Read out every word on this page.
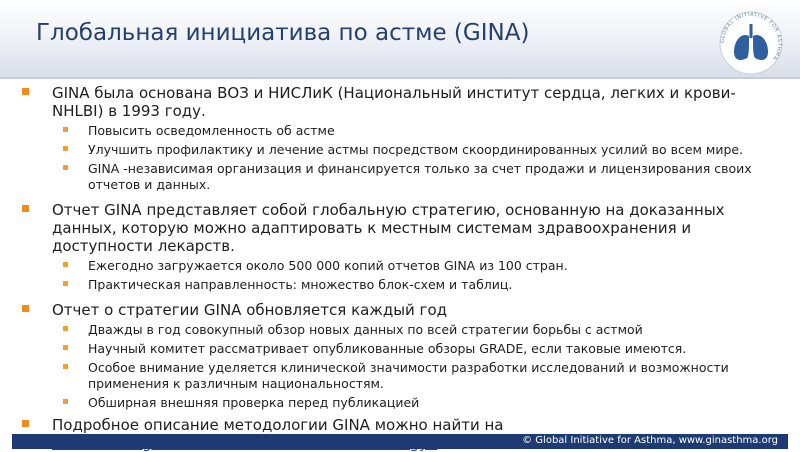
Глобальная инициатива по астме (GINA)	GLOBAL INITIATIVE FOR ASTHMA
GINA была основана ВОЗ и НИСЛиК (Национальный институт сердца, легких и крови- NHLBI) в 1993 году.
Повысить осведомленность об астме
Улучшить профилактику и лечение астмы посредством скоординированных усилий во всем мире.
GINA -независимая организация и финансируется только за счет продажи и лицензирования своих отчетов и данных.
Отчет GINA представляет собой глобальную стратегию, основанную на доказанных данных, которую можно адаптировать к местным системам здравоохранения и доступности лекарств.
Ежегодно загружается около 500 000 копий отчетов GINA из 100 стран.
Практическая направленность: множество блок-схем и таблиц.
Отчет о стратегии GINA обновляется каждый год
Дважды в год совокупный обзор новых данных по всей стратегии борьбы с астмой
Научный комитет рассматривает опубликованные обзоры GRADE, если таковые имеются.
Особое внимание уделяется клинической значимости разработки исследований и возможности применения к различным национальностям.
Обширная внешняя проверка перед публикацией
Подробное описание методологии GINA можно найти на

© Global Initiative for Asthma, www.ginasthma.org
